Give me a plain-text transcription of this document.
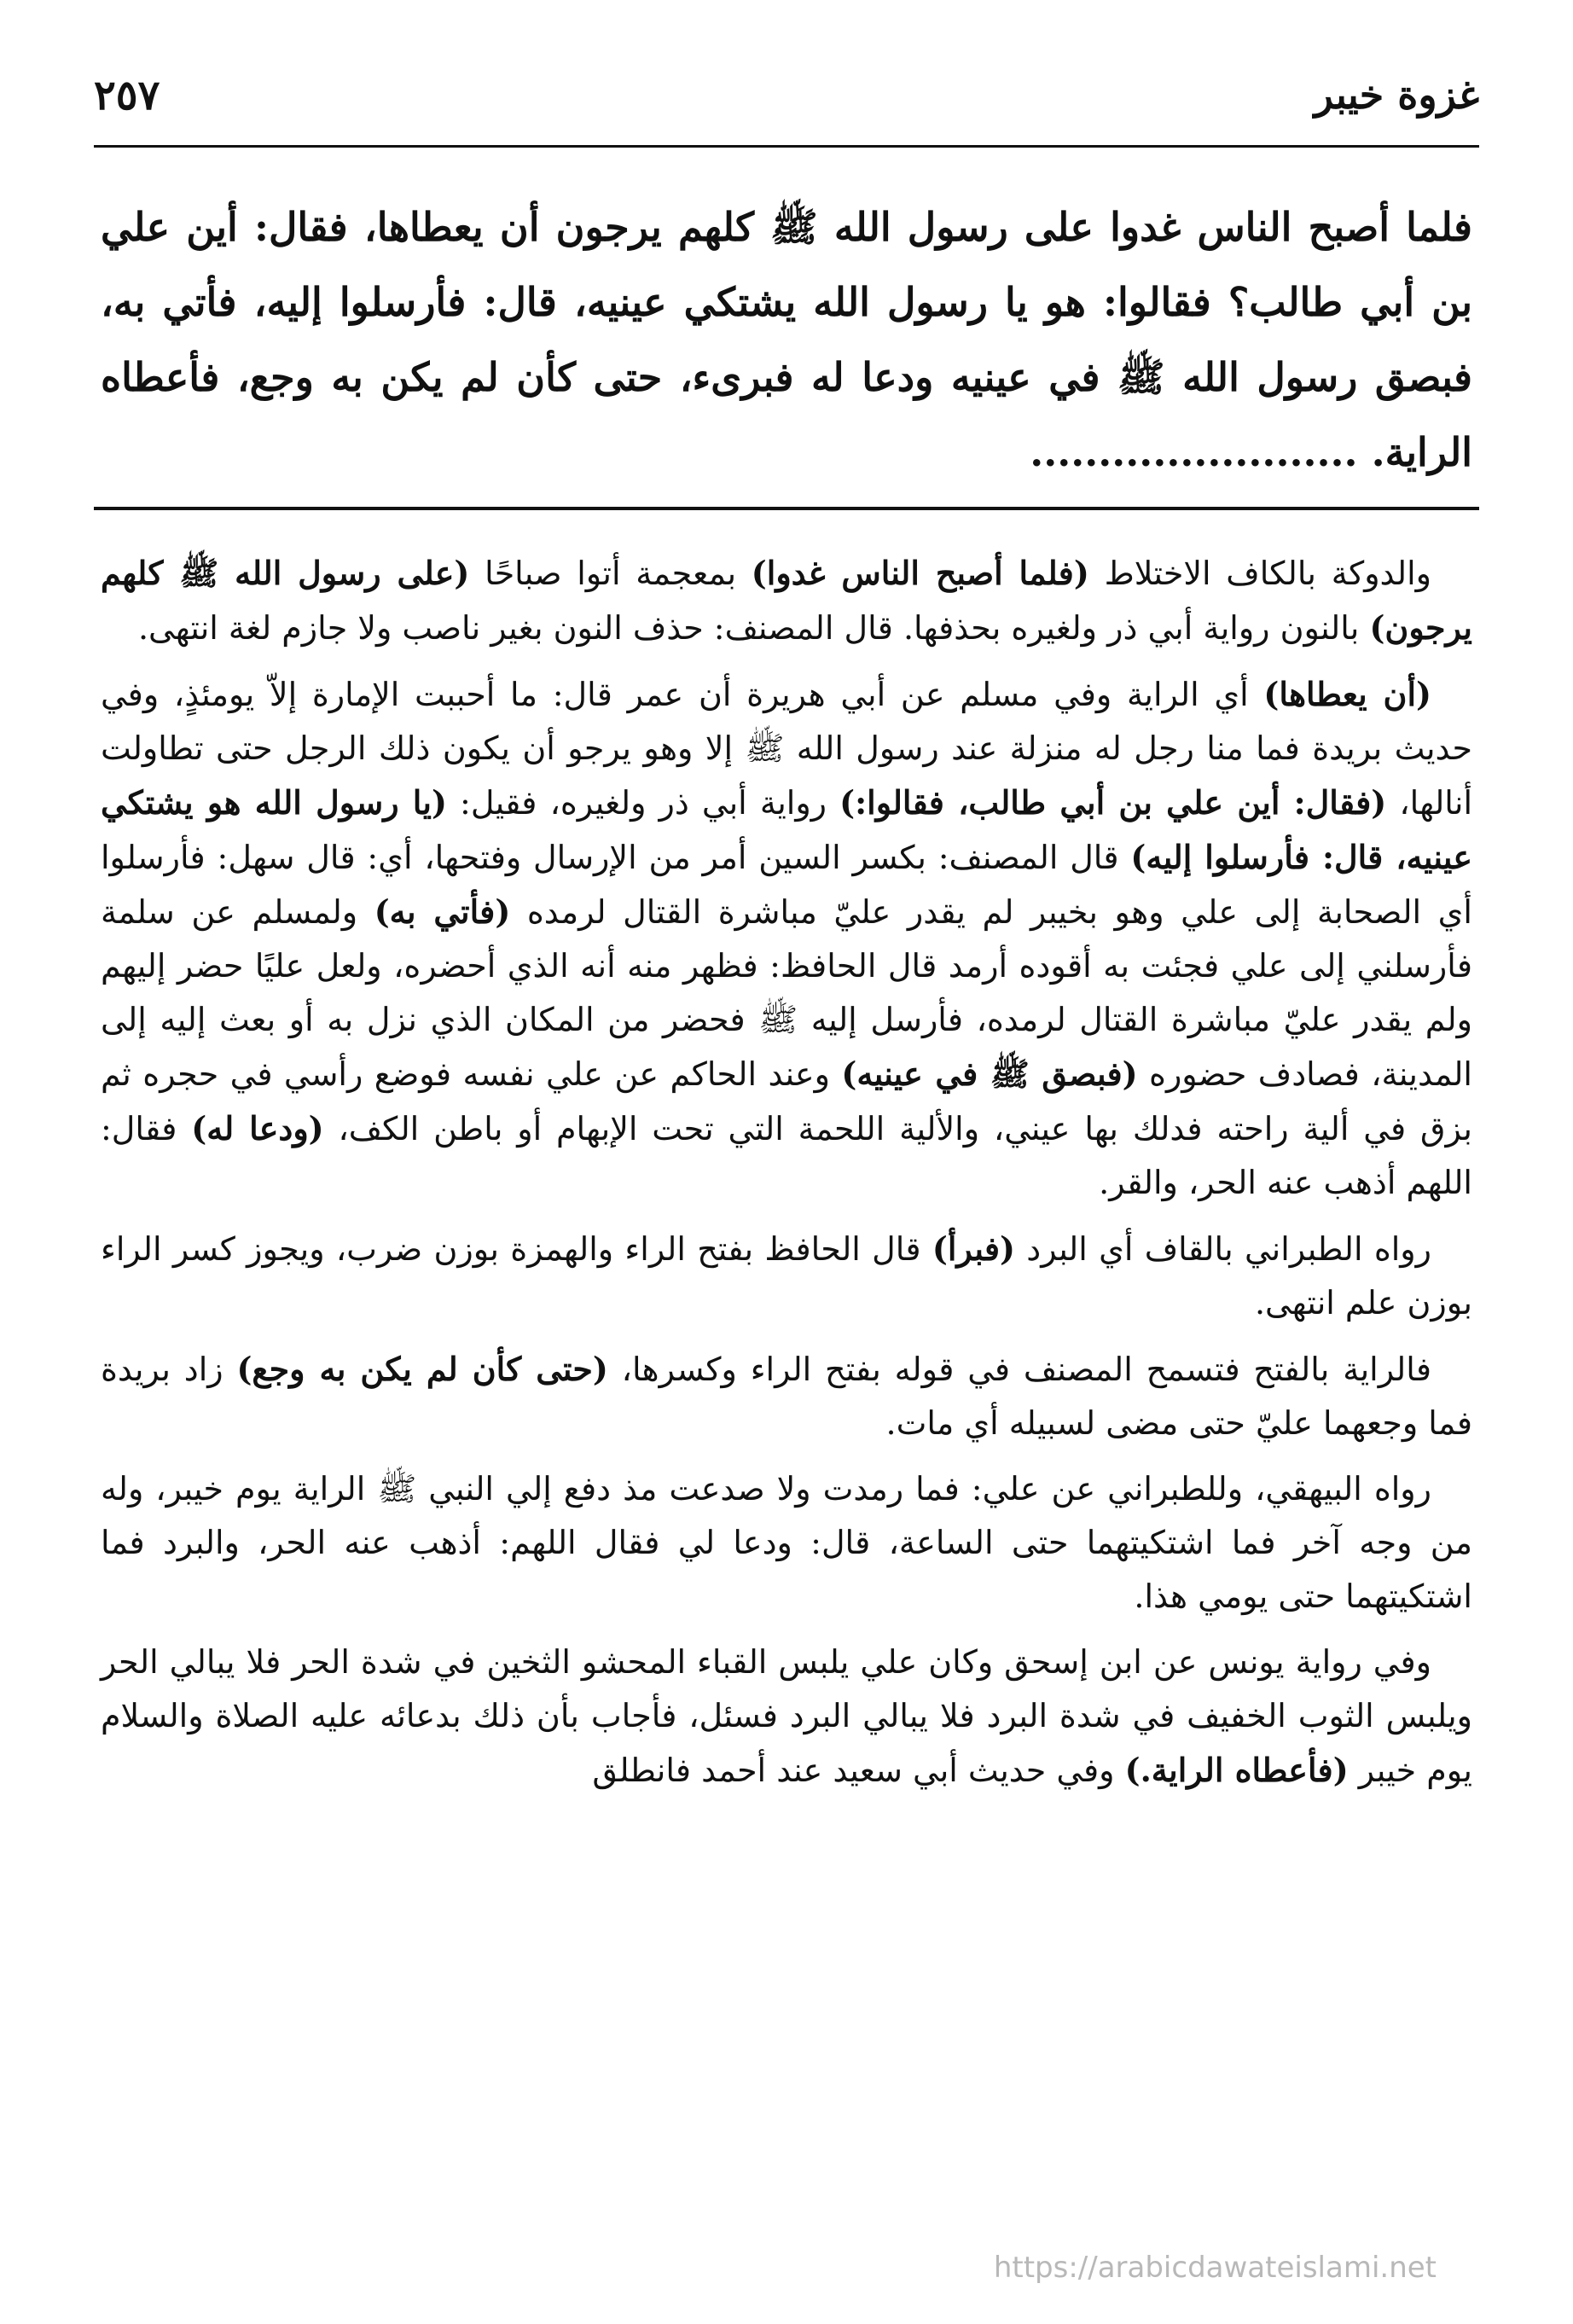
غزوة خيبر
٢٥٧
فلما أصبح الناس غدوا على رسول الله ﷺ كلهم يرجون أن يعطاها، فقال: أين علي بن أبي طالب؟ فقالوا: هو يا رسول الله يشتكي عينيه، قال: فأرسلوا إليه، فأتي به، فبصق رسول الله ﷺ في عينيه ودعا له فبرىء، حتى كأن لم يكن به وجع، فأعطاه الراية. ........................

والدوكة بالكاف الاختلاط (فلما أصبح الناس غدوا) بمعجمة أتوا صباحًا (على رسول الله ﷺ كلهم يرجون) بالنون رواية أبي ذر ولغيره بحذفها. قال المصنف: حذف النون بغير ناصب ولا جازم لغة انتهى.

(أن يعطاها) أي الراية وفي مسلم عن أبي هريرة أن عمر قال: ما أحببت الإمارة إلاّ يومئذٍ، وفي حديث بريدة فما منا رجل له منزلة عند رسول الله ﷺ إلا وهو يرجو أن يكون ذلك الرجل حتى تطاولت أنالها، (فقال: أين علي بن أبي طالب، فقالوا:) رواية أبي ذر ولغيره، فقيل: (يا رسول الله هو يشتكي عينيه، قال: فأرسلوا إليه) قال المصنف: بكسر السين أمر من الإرسال وفتحها، أي: قال سهل: فأرسلوا أي الصحابة إلى علي وهو بخيبر لم يقدر عليّ مباشرة القتال لرمده (فأتي به) ولمسلم عن سلمة فأرسلني إلى علي فجئت به أقوده أرمد قال الحافظ: فظهر منه أنه الذي أحضره، ولعل عليًا حضر إليهم ولم يقدر عليّ مباشرة القتال لرمده، فأرسل إليه ﷺ فحضر من المكان الذي نزل به أو بعث إليه إلى المدينة، فصادف حضوره (فبصق ﷺ في عينيه) وعند الحاكم عن علي نفسه فوضع رأسي في حجره ثم بزق في ألية راحته فدلك بها عيني، والألية اللحمة التي تحت الإبهام أو باطن الكف، (ودعا له) فقال: اللهم أذهب عنه الحر، والقر.

رواه الطبراني بالقاف أي البرد (فبرأ) قال الحافظ بفتح الراء والهمزة بوزن ضرب، ويجوز كسر الراء بوزن علم انتهى.

فالراية بالفتح فتسمح المصنف في قوله بفتح الراء وكسرها، (حتى كأن لم يكن به وجع) زاد بريدة فما وجعهما عليّ حتى مضى لسبيله أي مات.

رواه البيهقي، وللطبراني عن علي: فما رمدت ولا صدعت مذ دفع إلي النبي ﷺ الراية يوم خيبر، وله من وجه آخر فما اشتكيتهما حتى الساعة، قال: ودعا لي فقال اللهم: أذهب عنه الحر، والبرد فما اشتكيتهما حتى يومي هذا.

وفي رواية يونس عن ابن إسحق وكان علي يلبس القباء المحشو الثخين في شدة الحر فلا يبالي الحر ويلبس الثوب الخفيف في شدة البرد فلا يبالي البرد فسئل، فأجاب بأن ذلك بدعائه عليه الصلاة والسلام يوم خيبر (فأعطاه الراية.) وفي حديث أبي سعيد عند أحمد فانطلق

https://arabicdawateislami.net
